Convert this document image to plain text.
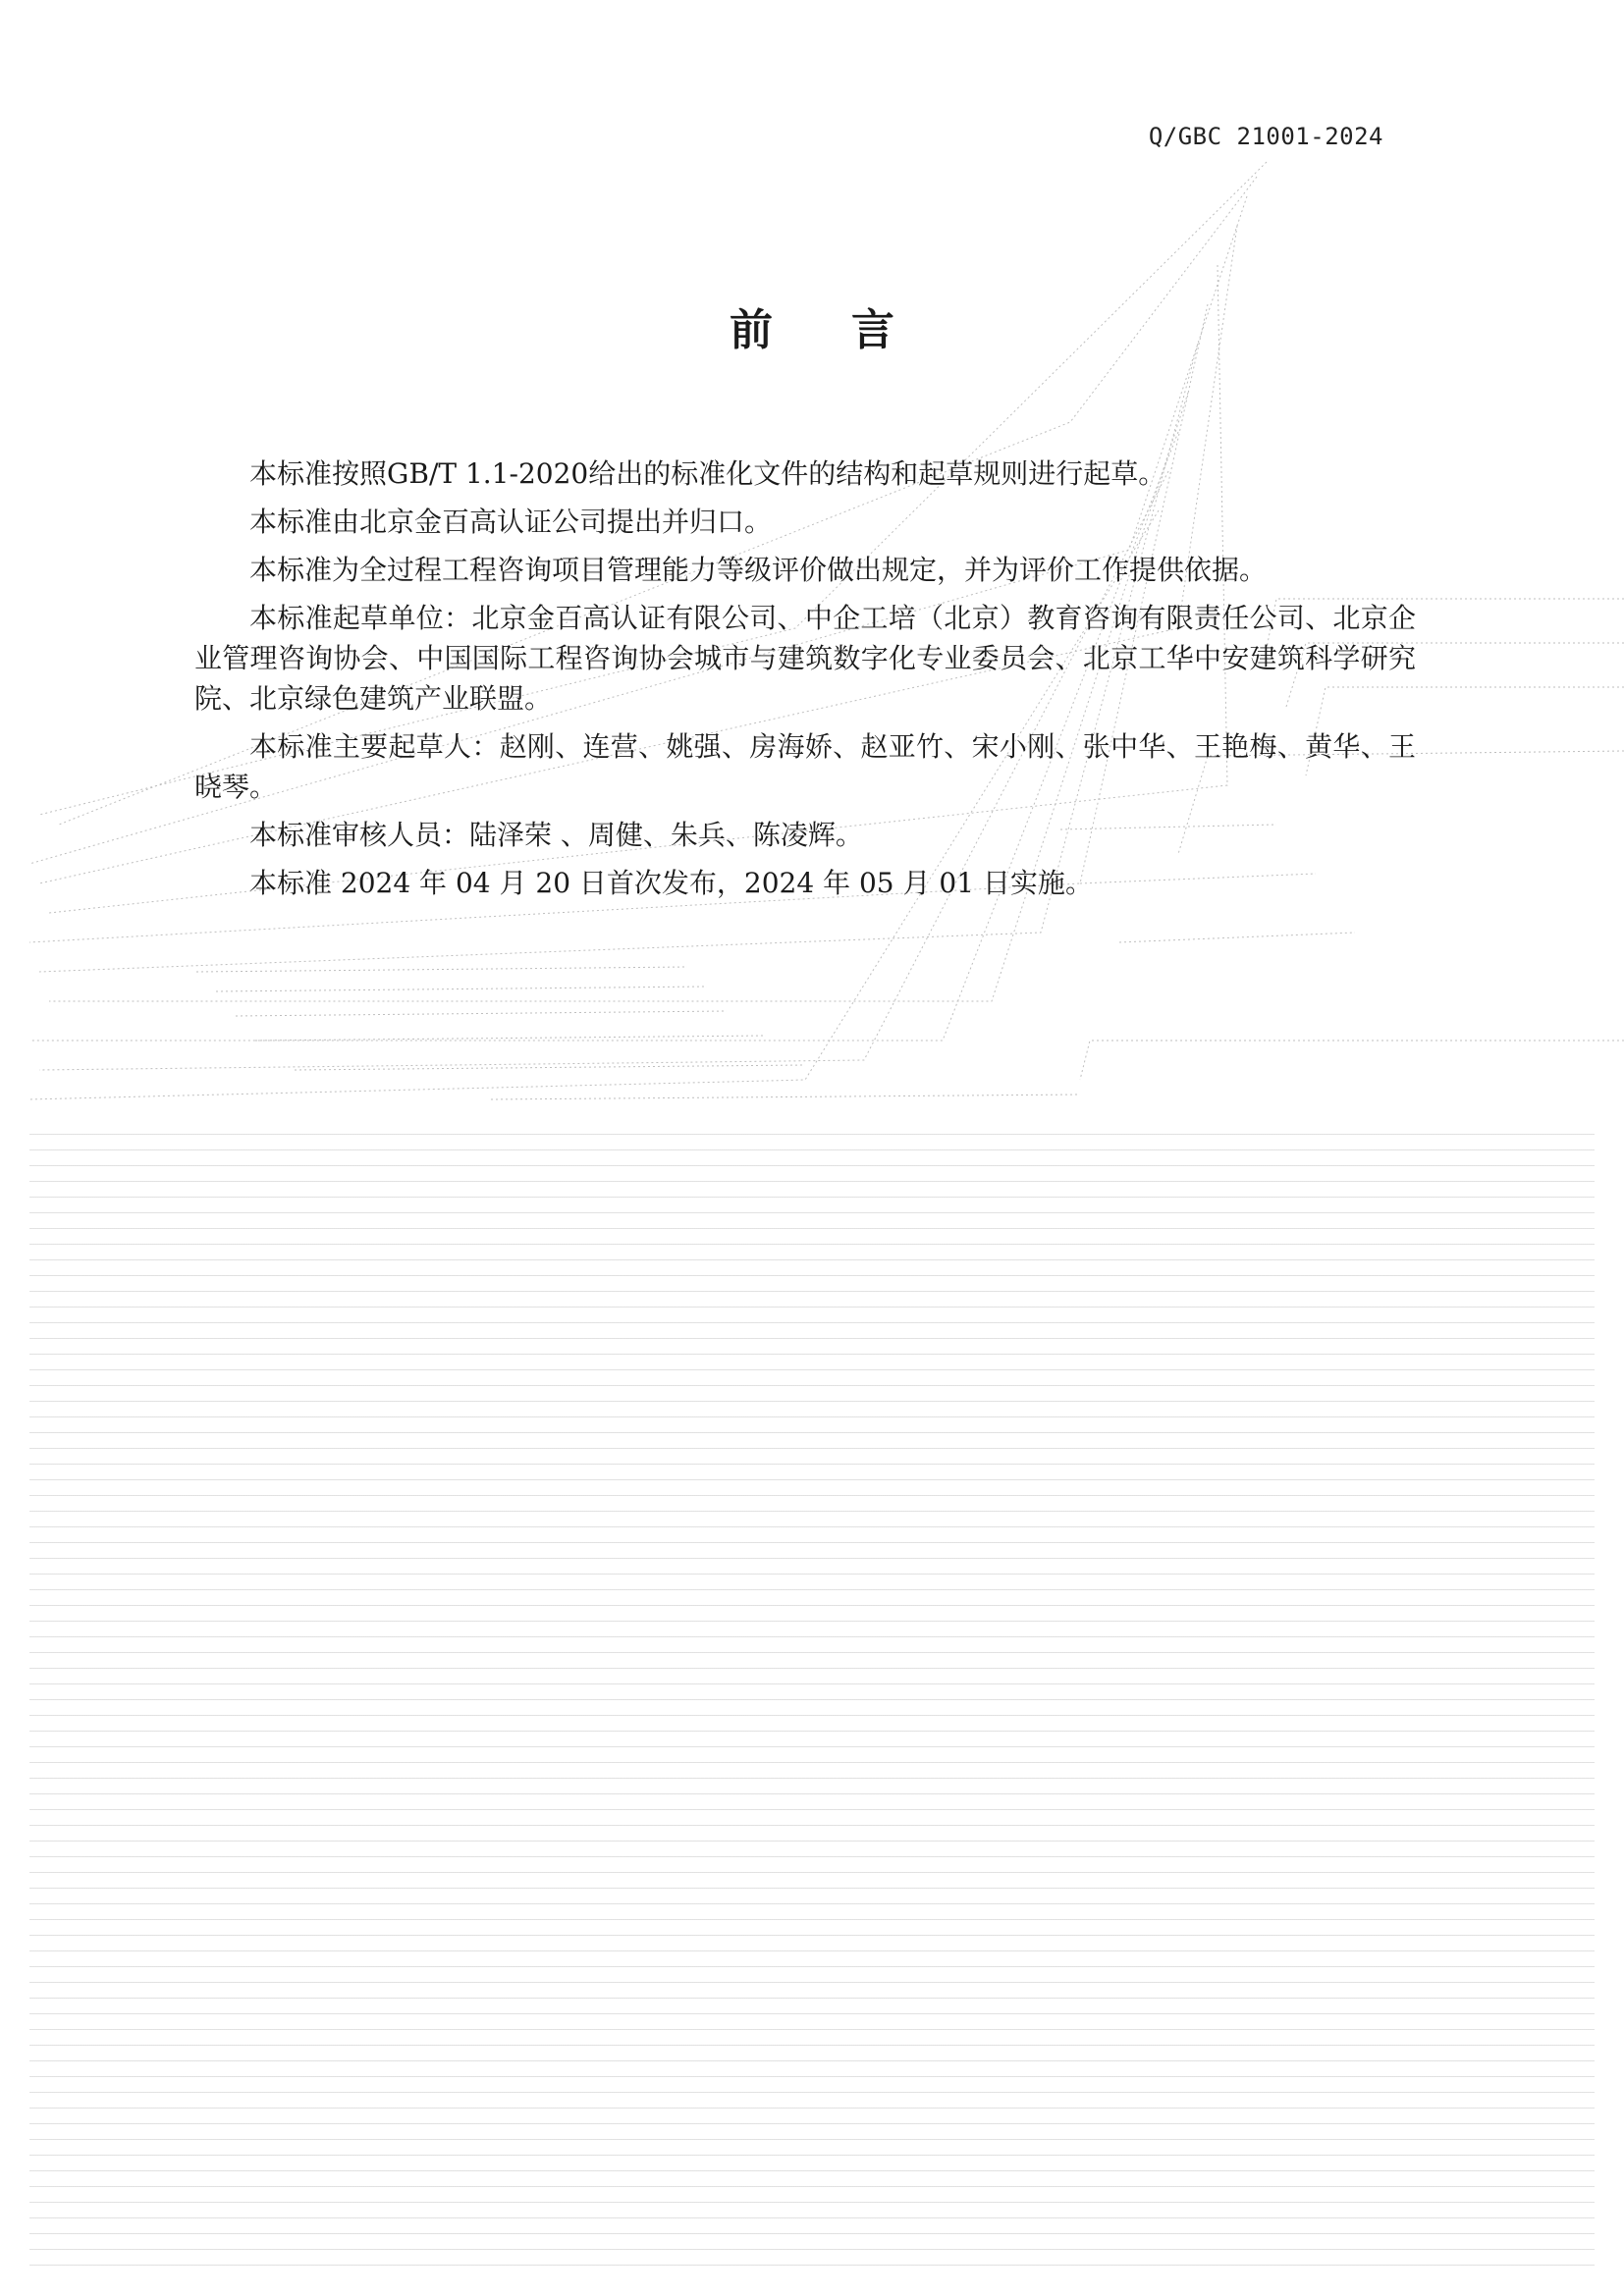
Q/GBC 21001-2024
前言

本标准按照GB/T 1.1-2020给出的标准化文件的结构和起草规则进行起草。

本标准由北京金百高认证公司提出并归口。

本标准为全过程工程咨询项目管理能力等级评价做出规定，并为评价工作提供依据。

本标准起草单位：北京金百高认证有限公司、中企工培（北京）教育咨询有限责任公司、北京企业管理咨询协会、中国国际工程咨询协会城市与建筑数字化专业委员会、北京工华中安建筑科学研究院、北京绿色建筑产业联盟。

本标准主要起草人：赵刚、连营、姚强、房海娇、赵亚竹、宋小刚、张中华、王艳梅、黄华、王晓琴。

本标准审核人员：陆泽荣 、周健、朱兵、陈凌辉。

本标准 2024 年 04 月 20 日首次发布，2024 年 05 月 01 日实施。
